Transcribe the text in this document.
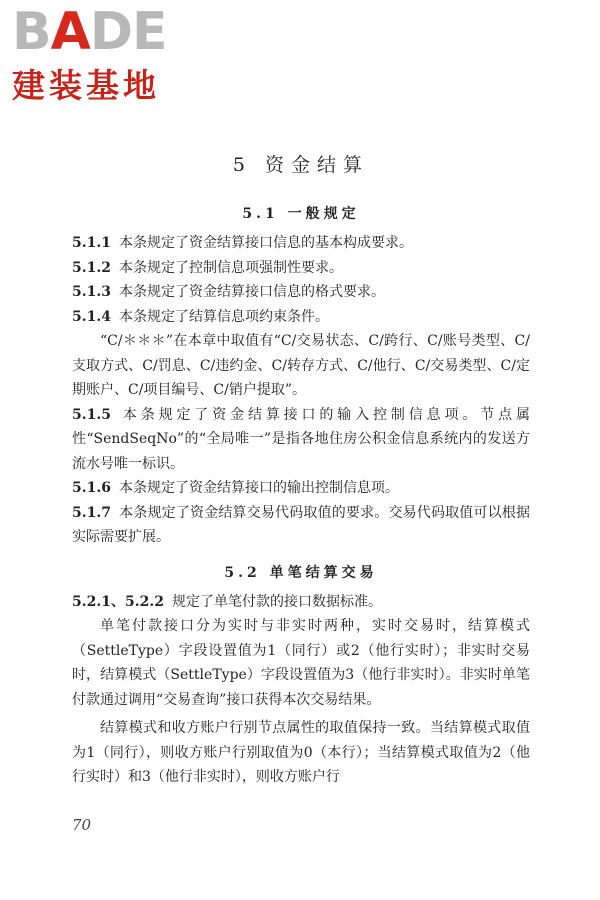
BADE
建装基地
5 资金结算
5.1 一般规定

5.1.1 本条规定了资金结算接口信息的基本构成要求。

5.1.2 本条规定了控制信息项强制性要求。

5.1.3 本条规定了资金结算接口信息的格式要求。

5.1.4 本条规定了结算信息项约束条件。

“C/＊＊＊”在本章中取值有“C/交易状态、C/跨行、C/账号类型、C/支取方式、C/罚息、C/违约金、C/转存方式、C/他行、C/交易类型、C/定期账户、C/项目编号、C/销户提取”。

5.1.5 本条规定了资金结算接口的输入控制信息项。节点属性“SendSeqNo”的“全局唯一”是指各地住房公积金信息系统内的发送方流水号唯一标识。

5.1.6 本条规定了资金结算接口的输出控制信息项。

5.1.7 本条规定了资金结算交易代码取值的要求。交易代码取值可以根据实际需要扩展。

5.2 单笔结算交易

5.2.1、5.2.2 规定了单笔付款的接口数据标准。

单笔付款接口分为实时与非实时两种，实时交易时，结算模式（SettleType）字段设置值为1（同行）或2（他行实时）；非实时交易时，结算模式（SettleType）字段设置值为3（他行非实时）。非实时单笔付款通过调用“交易查询”接口获得本次交易结果。

结算模式和收方账户行别节点属性的取值保持一致。当结算模式取值为1（同行），则收方账户行别取值为0（本行）；当结算模式取值为2（他行实时）和3（他行非实时），则收方账户行

70
